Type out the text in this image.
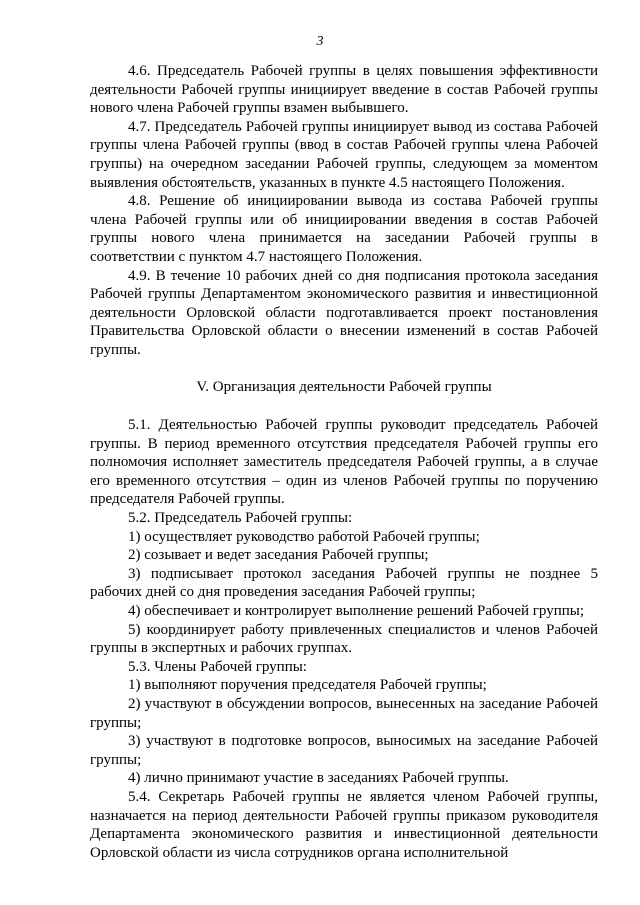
3

4.6. Председатель Рабочей группы в целях повышения эффективности деятельности Рабочей группы инициирует введение в состав Рабочей группы нового члена Рабочей группы взамен выбывшего.

4.7. Председатель Рабочей группы инициирует вывод из состава Рабочей группы члена Рабочей группы (ввод в состав Рабочей группы члена Рабочей группы) на очередном заседании Рабочей группы, следующем за моментом выявления обстоятельств, указанных в пункте 4.5 настоящего Положения.

4.8. Решение об инициировании вывода из состава Рабочей группы члена Рабочей группы или об инициировании введения в состав Рабочей группы нового члена принимается на заседании Рабочей группы в соответствии с пунктом 4.7 настоящего Положения.

4.9. В течение 10 рабочих дней со дня подписания протокола заседания Рабочей группы Департаментом экономического развития и инвестиционной деятельности Орловской области подготавливается проект постановления Правительства Орловской области о внесении изменений в состав Рабочей группы.

V. Организация деятельности Рабочей группы

5.1. Деятельностью Рабочей группы руководит председатель Рабочей группы. В период временного отсутствия председателя Рабочей группы его полномочия исполняет заместитель председателя Рабочей группы, а в случае его временного отсутствия – один из членов Рабочей группы по поручению председателя Рабочей группы.

5.2. Председатель Рабочей группы:

1) осуществляет руководство работой Рабочей группы;

2) созывает и ведет заседания Рабочей группы;

3) подписывает протокол заседания Рабочей группы не позднее 5 рабочих дней со дня проведения заседания Рабочей группы;

4) обеспечивает и контролирует выполнение решений Рабочей группы;

5) координирует работу привлеченных специалистов и членов Рабочей группы в экспертных и рабочих группах.

5.3. Члены Рабочей группы:

1) выполняют поручения председателя Рабочей группы;

2) участвуют в обсуждении вопросов, вынесенных на заседание Рабочей группы;

3) участвуют в подготовке вопросов, выносимых на заседание Рабочей группы;

4) лично принимают участие в заседаниях Рабочей группы.

5.4. Секретарь Рабочей группы не является членом Рабочей группы, назначается на период деятельности Рабочей группы приказом руководителя Департамента экономического развития и инвестиционной деятельности Орловской области из числа сотрудников органа исполнительной
